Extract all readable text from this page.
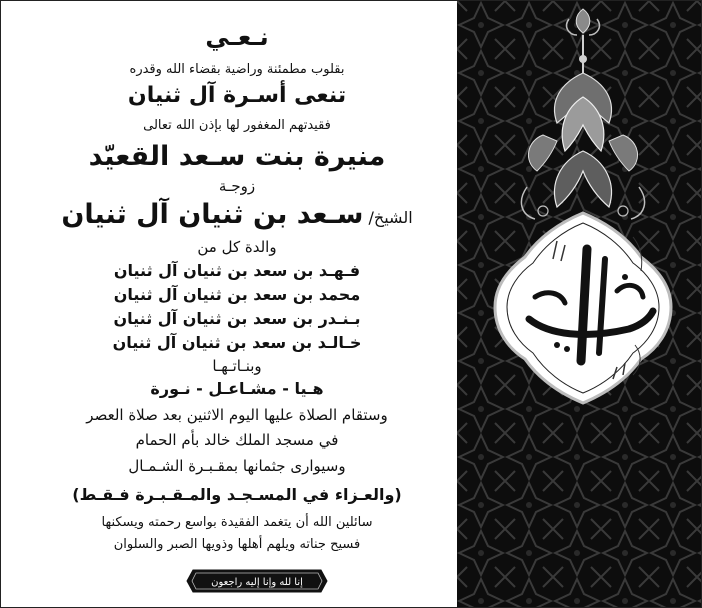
نـعـي
بقلوب مطمئنة وراضية بقضاء الله وقدره
تنعى أسـرة آل ثنيان
فقيدتهم المغفور لها بإذن الله تعالى
منيرة بنت سـعد القعيّد
زوجـة
الشيخ/ سـعد بن ثنيان آل ثنيان
والدة كل من
فـهـد بن سعد بن ثنيان آل ثنيان
محمد بن سعد بن ثنيان آل ثنيان
بـنـدر بن سعد بن ثنيان آل ثنيان
خـالـد بن سعد بن ثنيان آل ثنيان
وبنـاتـهـا
هـيا - مشـاعـل - نـورة
وستقام الصلاة عليها اليوم الاثنين بعد صلاة العصر
في مسجد الملك خالد بأم الحمام
وسيوارى جثمانها بمقـبـرة الشـمـال
(والعـزاء في المسـجـد والمـقـبـرة فـقـط)
سائلين الله أن يتغمد الفقيدة بواسع رحمته ويسكنها
فسيح جناته ويلهم أهلها وذويها الصبر والسلوان
إنا لله وإنا إليه راجعون
